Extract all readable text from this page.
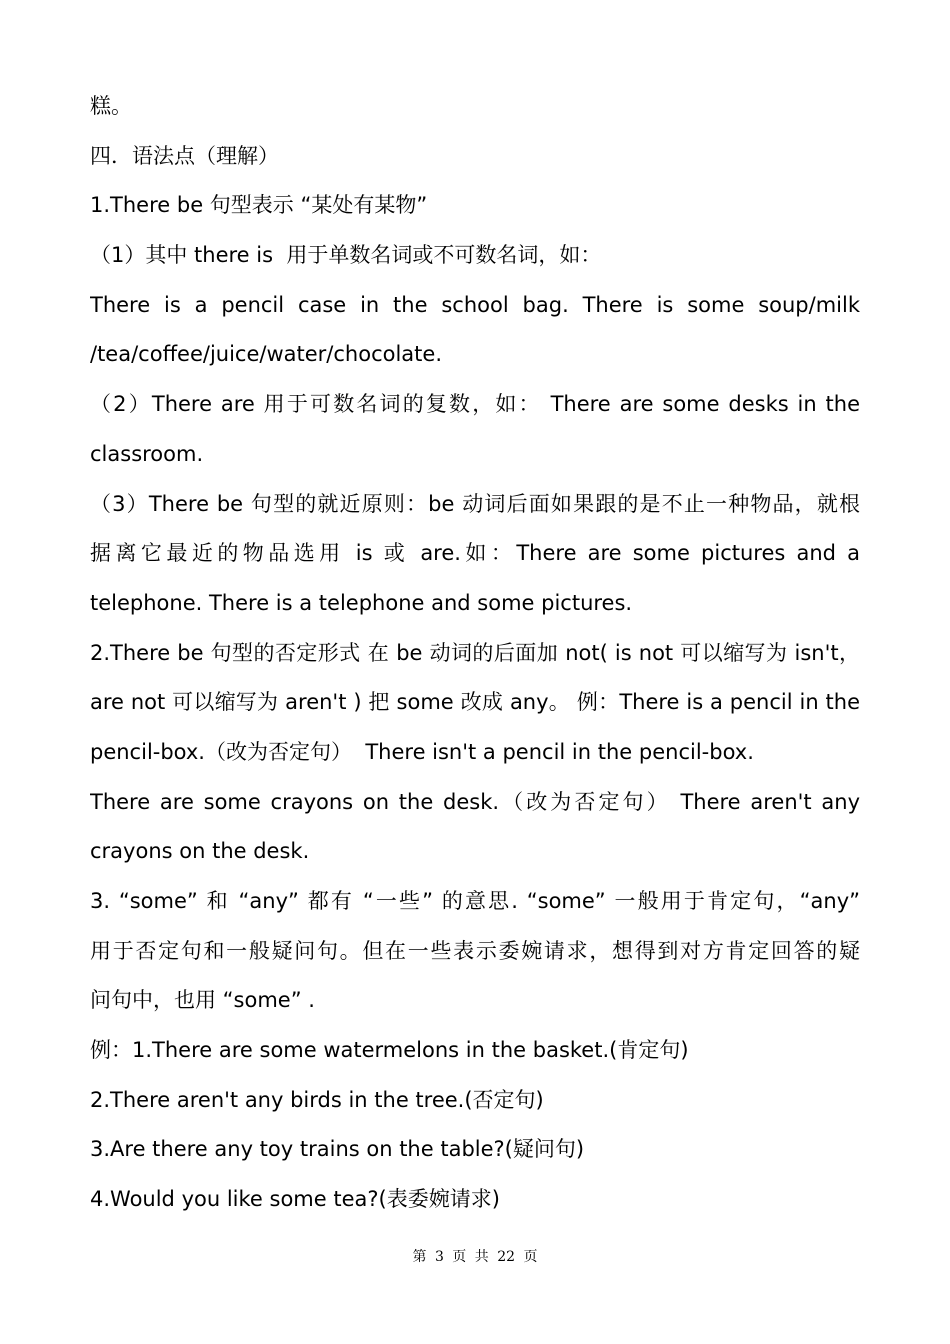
糕。
四．语法点（理解）
1.There be 句型表示 “某处有某物”
（1）其中 there is  用于单数名词或不可数名词，如：
There is a pencil case in the school bag. There is some soup/milk
/tea/coffee/juice/water/chocolate.
（2）There are 用于可数名词的复数，如： There are some desks in the
classroom.
（3）There be 句型的就近原则：be 动词后面如果跟的是不止一种物品，就根
据离它最近的物品选用 is 或 are.如：There are some pictures and a
telephone. There is a telephone and some pictures.
2.There be 句型的否定形式 在 be 动词的后面加 not( is not 可以缩写为 isn't，
are not 可以缩写为 aren't ) 把 some 改成 any。 例：There is a pencil in the
pencil-box.（改为否定句）  There isn't a pencil in the pencil-box.
There are some crayons on the desk.（改为否定句） There aren't any
crayons on the desk.
3. “some” 和 “any” 都有 “一些” 的意思. “some” 一般用于肯定句，“any”
用于否定句和一般疑问句。但在一些表示委婉请求，想得到对方肯定回答的疑
问句中，也用 “some” .
例：1.There are some watermelons in the basket.(肯定句)
2.There aren't any birds in the tree.(否定句)
3.Are there any toy trains on the table?(疑问句)
4.Would you like some tea?(表委婉请求)
第 3 页 共 22 页
